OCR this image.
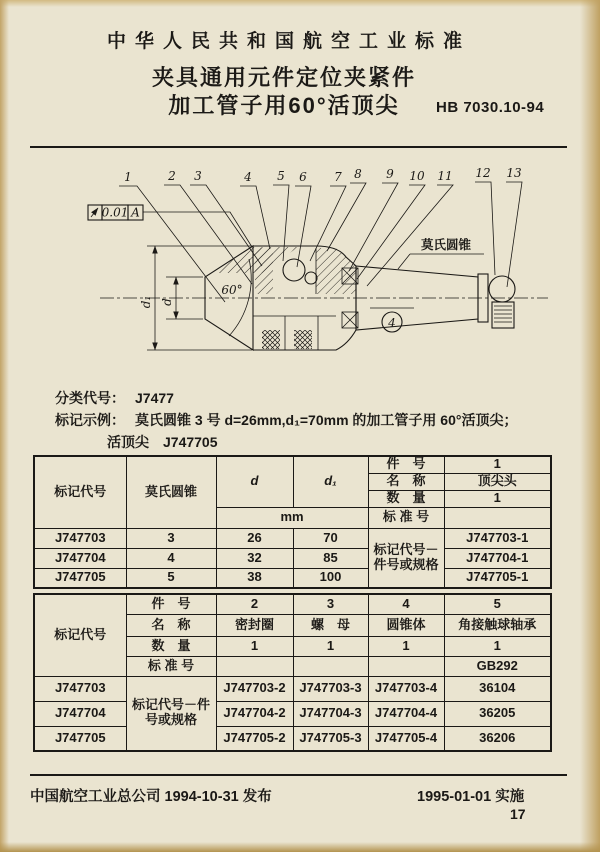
中华人民共和国航空工业标准
夹具通用元件定位夹紧件
加工管子用60°活顶尖	HB 7030.10-94
1	2 3	4 5 6 7 8 9 10 11 12 13
0.01 A
d₁ d
60°
莫氏圆锥
4
分类代号： J7477
标记示例： 莫氏圆锥 3 号 d=26mm,d₁=70mm 的加工管子用 60°活顶尖；
活顶尖　J747705
标记代号	莫氏圆锥	d	d₁	件　号	1
				名　称	顶尖头
				数　量	1
		mm		标 准 号	
J747703	3	26	70	标记代号－件号或规格	J747703-1
J747704	4	32	85		J747704-1
J747705	5	38	100		J747705-1
标记代号	件　号	2	3	4	5
	名　称	密封圈	螺　母	圆锥体	角接触球轴承
	数　量	1	1	1	1
	标 准 号				GB292
J747703	标记代号－件号或规格	J747703-2	J747703-3	J747703-4	36104
J747704		J747704-2	J747704-3	J747704-4	36205
J747705		J747705-2	J747705-3	J747705-4	36206
中国航空工业总公司 1994-10-31 发布	1995-01-01 实施
17
